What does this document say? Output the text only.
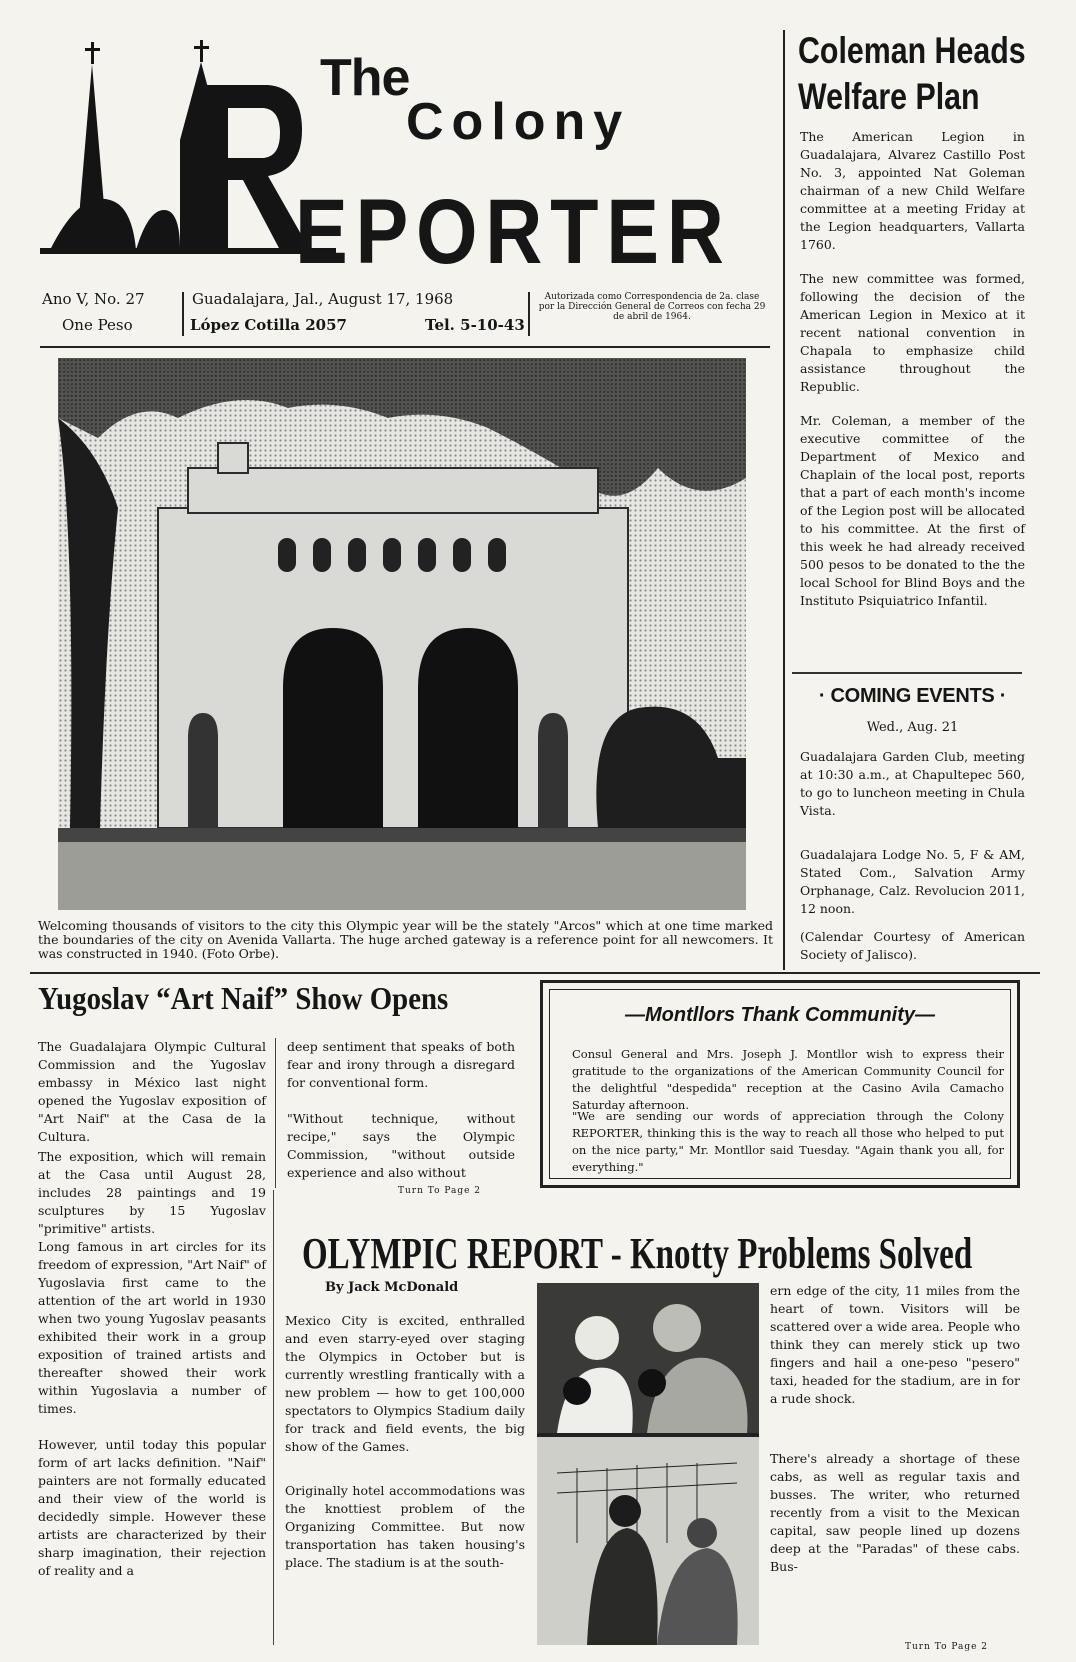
The
Colony
EPORTER
Ano V, No. 27
One Peso
Guadalajara, Jal., August 17, 1968
López Cotilla 2057	Tel. 5-10-43
Autorizada como Correspondencia de 2a. clase por la Dirección General de Correos con fecha 29 de abril de 1964.
Welcoming thousands of visitors to the city this Olympic year will be the stately "Arcos" which at one time marked the boundaries of the city on Avenida Vallarta. The huge arched gateway is a reference point for all newcomers. It was constructed in 1940. (Foto Orbe).
Coleman Heads
Welfare Plan
The American Legion in Guadalajara, Alvarez Castillo Post No. 3, appointed Nat Goleman chairman of a new Child Welfare committee at a meeting Friday at the Legion headquarters, Vallarta 1760.
The new committee was formed, following the decision of the American Legion in Mexico at it recent national convention in Chapala to emphasize child assistance throughout the Republic.
Mr. Coleman, a member of the executive committee of the Department of Mexico and Chaplain of the local post, reports that a part of each month's income of the Legion post will be allocated to his committee. At the first of this week he had already received 500 pesos to be donated to the the local School for Blind Boys and the Instituto Psiquiatrico Infantil.
· COMING EVENTS ·
Wed., Aug. 21
Guadalajara Garden Club, meeting at 10:30 a.m., at Chapultepec 560, to go to luncheon meeting in Chula Vista.
Guadalajara Lodge No. 5, F & AM, Stated Com., Salvation Army Orphanage, Calz. Revolucion 2011, 12 noon.
(Calendar Courtesy of American Society of Jalisco).
Yugoslav “Art Naif” Show Opens
The Guadalajara Olympic Cultural Commission and the Yugoslav embassy in México last night opened the Yugoslav exposition of "Art Naif" at the Casa de la Cultura.
The exposition, which will remain at the Casa until August 28, includes 28 paintings and 19 sculptures by 15 Yugoslav "primitive" artists.
deep sentiment that speaks of both fear and irony through a disregard for conventional form.
"Without technique, without recipe," says the Olympic Commission, "without outside experience and also without
Turn To Page 2
Long famous in art circles for its freedom of expression, "Art Naif" of Yugoslavia first came to the attention of the art world in 1930 when two young Yugoslav peasants exhibited their work in a group exposition of trained artists and thereafter showed their work within Yugoslavia a number of times.
However, until today this popular form of art lacks definition. "Naif" painters are not formally educated and their view of the world is decidedly simple. However these artists are characterized by their sharp imagination, their rejection of reality and a
—Montllors Thank Community—
Consul General and Mrs. Joseph J. Montllor wish to express their gratitude to the organizations of the American Community Council for the delightful "despedida" reception at the Casino Avila Camacho Saturday afternoon.
"We are sending our words of appreciation through the Colony REPORTER, thinking this is the way to reach all those who helped to put on the nice party," Mr. Montllor said Tuesday. "Again thank you all, for everything."
OLYMPIC REPORT - Knotty Problems Solved
By Jack McDonald
Mexico City is excited, enthralled and even starry-eyed over staging the Olympics in October but is currently wrestling frantically with a new problem — how to get 100,000 spectators to Olympics Stadium daily for track and field events, the big show of the Games.
Originally hotel accommodations was the knottiest problem of the Organizing Committee. But now transportation has taken housing's place. The stadium is at the south-
ern edge of the city, 11 miles from the heart of town. Visitors will be scattered over a wide area. People who think they can merely stick up two fingers and hail a one-peso "pesero" taxi, headed for the stadium, are in for a rude shock.
There's already a shortage of these cabs, as well as regular taxis and busses. The writer, who returned recently from a visit to the Mexican capital, saw people lined up dozens deep at the "Paradas" of these cabs. Bus-
Turn To Page 2
